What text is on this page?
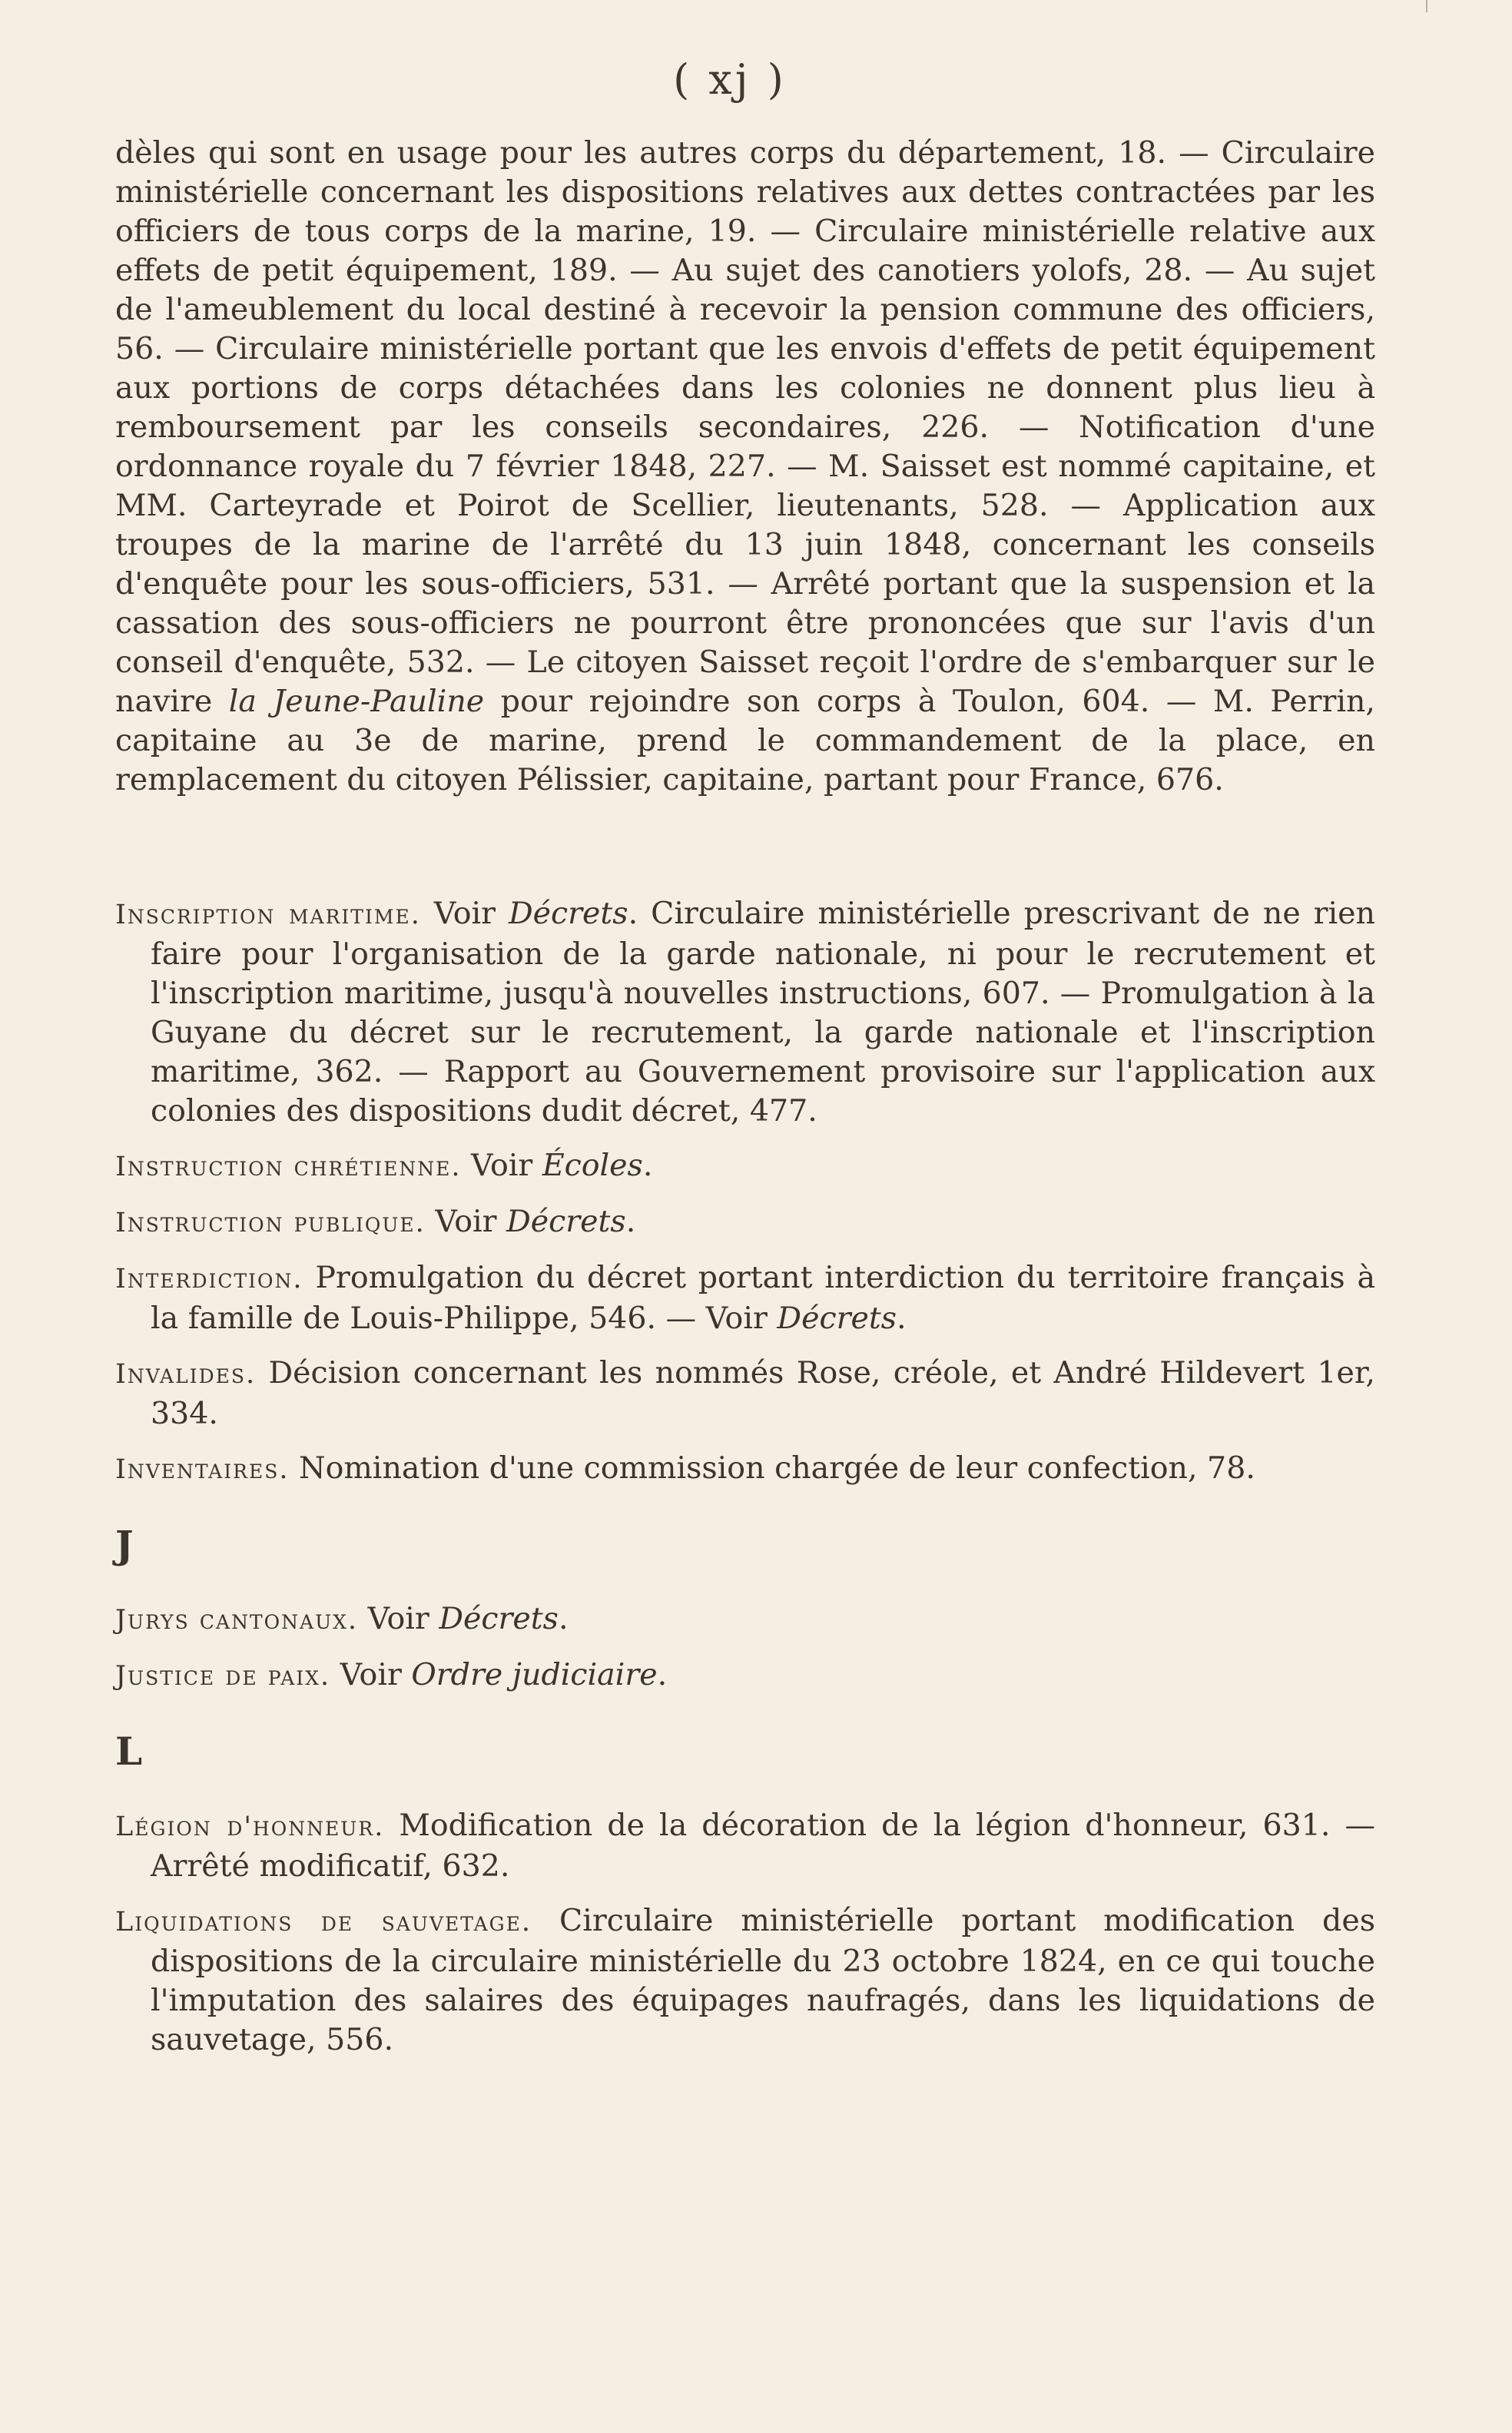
( xj )
dèles qui sont en usage pour les autres corps du département, 18. — Circulaire ministérielle concernant les dispositions relatives aux dettes contractées par les officiers de tous corps de la marine, 19. — Circulaire ministérielle relative aux effets de petit équipement, 189. — Au sujet des canotiers yolofs, 28. — Au sujet de l'ameublement du local destiné à recevoir la pension commune des officiers, 56. — Circulaire ministérielle portant que les envois d'effets de petit équipement aux portions de corps détachées dans les colonies ne donnent plus lieu à remboursement par les conseils secondaires, 226. — Notification d'une ordonnance royale du 7 février 1848, 227. — M. Saisset est nommé capitaine, et MM. Carteyrade et Poirot de Scellier, lieutenants, 528. — Application aux troupes de la marine de l'arrêté du 13 juin 1848, concernant les conseils d'enquête pour les sous-officiers, 531. — Arrêté portant que la suspension et la cassation des sous-officiers ne pourront être prononcées que sur l'avis d'un conseil d'enquête, 532. — Le citoyen Saisset reçoit l'ordre de s'embarquer sur le navire la Jeune-Pauline pour rejoindre son corps à Toulon, 604. — M. Perrin, capitaine au 3e de marine, prend le commandement de la place, en remplacement du citoyen Pélissier, capitaine, partant pour France, 676.

Inscription maritime. Voir Décrets. Circulaire ministérielle prescrivant de ne rien faire pour l'organisation de la garde nationale, ni pour le recrutement et l'inscription maritime, jusqu'à nouvelles instructions, 607. — Promulgation à la Guyane du décret sur le recrutement, la garde nationale et l'inscription maritime, 362. — Rapport au Gouvernement provisoire sur l'application aux colonies des dispositions dudit décret, 477.

Instruction chrétienne. Voir Écoles.

Instruction publique. Voir Décrets.

Interdiction. Promulgation du décret portant interdiction du territoire français à la famille de Louis-Philippe, 546. — Voir Décrets.

Invalides. Décision concernant les nommés Rose, créole, et André Hildevert 1er, 334.

Inventaires. Nomination d'une commission chargée de leur confection, 78.

J

Jurys cantonaux. Voir Décrets.

Justice de paix. Voir Ordre judiciaire.

L

Légion d'honneur. Modification de la décoration de la légion d'honneur, 631. — Arrêté modificatif, 632.

Liquidations de sauvetage. Circulaire ministérielle portant modification des dispositions de la circulaire ministérielle du 23 octobre 1824, en ce qui touche l'imputation des salaires des équipages naufragés, dans les liquidations de sauvetage, 556.
